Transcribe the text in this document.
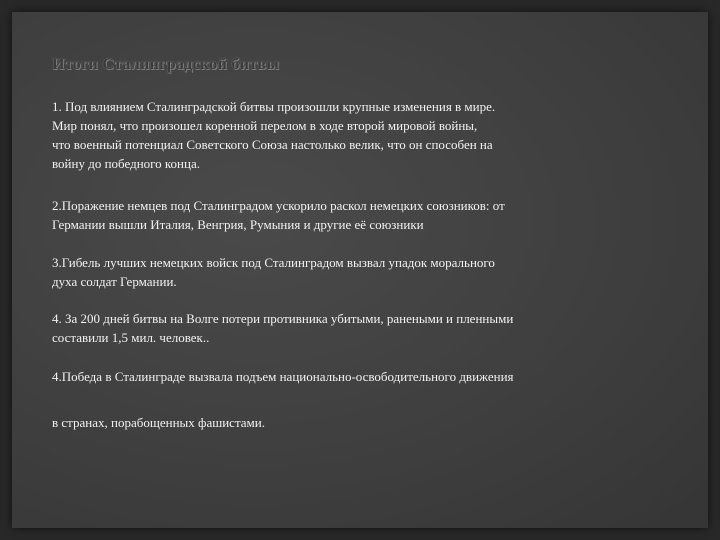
Итоги Сталинградской битвы

1. Под влиянием Сталинградской битвы произошли крупные изменения в мире.
Мир понял, что произошел коренной перелом в ходе второй мировой войны,
что военный потенциал Советского Союза настолько велик, что он способен на
войну до победного конца.

2.Поражение немцев под Сталинградом ускорило раскол немецких союзников: от
Германии вышли Италия, Венгрия, Румыния и другие её союзники

3.Гибель лучших немецких войск под Сталинградом вызвал упадок морального
духа солдат Германии.

4. За 200 дней битвы на Волге потери противника убитыми, ранеными и пленными
составили 1,5 мил. человек..

4.Победа в Сталинграде вызвала подъем национально-освободительного движения

в странах, порабощенных фашистами.
